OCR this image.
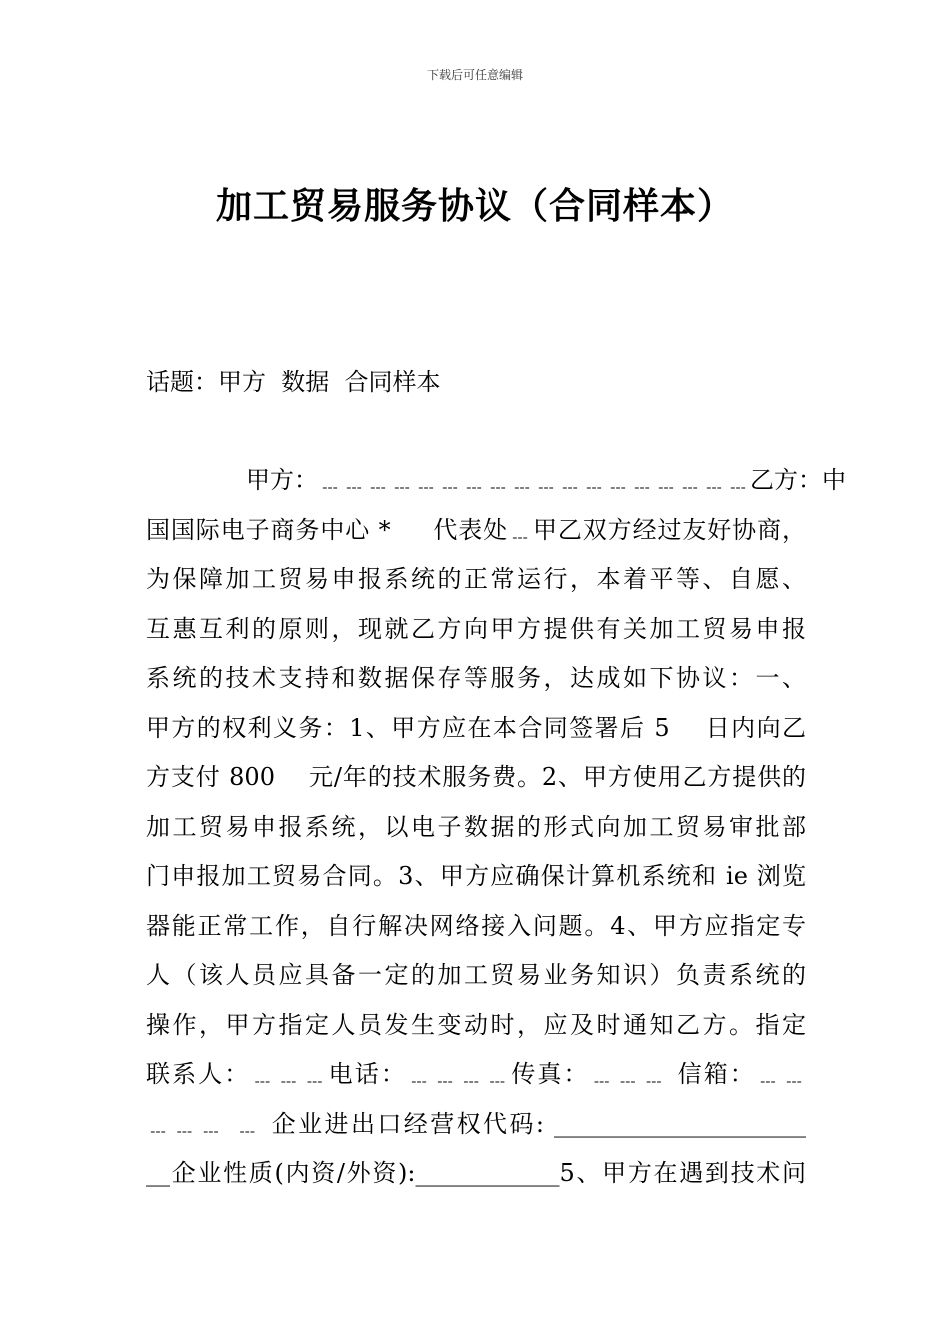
下载后可任意编辑
加工贸易服务协议（合同样本）
话题：甲方  数据  合同样本
甲方：﹍﹍﹍﹍﹍﹍﹍﹍﹍﹍﹍﹍﹍﹍﹍﹍﹍﹍乙方：中
国国际电子商务中心 *     代表处﹍甲乙双方经过友好协商，
为保障加工贸易申报系统的正常运行，本着平等、自愿、
互惠互利的原则，现就乙方向甲方提供有关加工贸易申报
系统的技术支持和数据保存等服务，达成如下协议：一、
甲方的权利义务：1、甲方应在本合同签署后 5    日内向乙
方支付 800    元/年的技术服务费。2、甲方使用乙方提供的
加工贸易申报系统，以电子数据的形式向加工贸易审批部
门申报加工贸易合同。3、甲方应确保计算机系统和 ie 浏览
器能正常工作，自行解决网络接入问题。4、甲方应指定专
人（该人员应具备一定的加工贸易业务知识）负责系统的
操作，甲方指定人员发生变动时，应及时通知乙方。指定
联系人：﹍﹍﹍电话：﹍﹍﹍﹍传真：﹍﹍﹍ 信箱：﹍﹍
﹍﹍﹍ ﹍ 企业进出口经营权代码: _____________________
__企业性质(内资/外资):____________5、甲方在遇到技术问
